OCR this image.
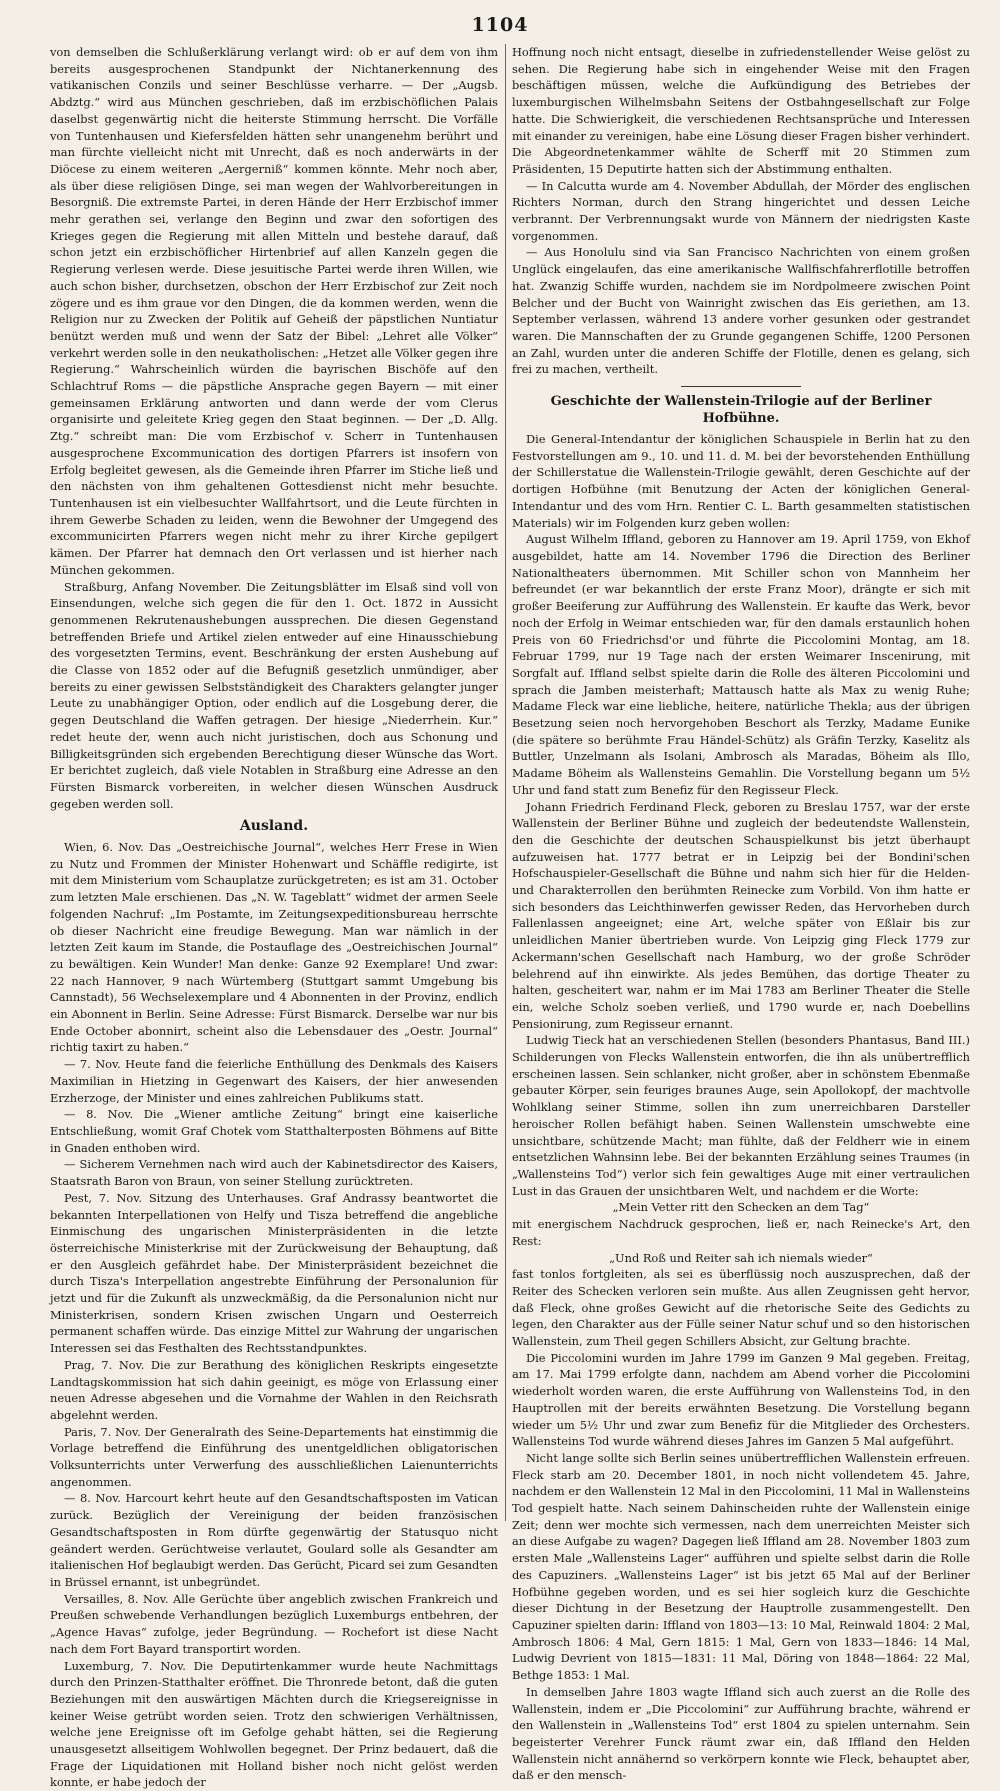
1104

von demselben die Schlußerklärung verlangt wird: ob er auf dem von ihm bereits ausgesprochenen Standpunkt der Nichtanerkennung des vatikanischen Conzils und seiner Beschlüsse verharre. — Der „Augsb. Abdztg.“ wird aus München geschrieben, daß im erzbischöflichen Palais daselbst gegenwärtig nicht die heiterste Stimmung herrscht. Die Vorfälle von Tuntenhausen und Kiefersfelden hätten sehr unangenehm berührt und man fürchte vielleicht nicht mit Unrecht, daß es noch anderwärts in der Diöcese zu einem weiteren „Aergerniß“ kommen könnte. Mehr noch aber, als über diese religiösen Dinge, sei man wegen der Wahlvorbereitungen in Besorgniß. Die extremste Partei, in deren Hände der Herr Erzbischof immer mehr gerathen sei, verlange den Beginn und zwar den sofortigen des Krieges gegen die Regierung mit allen Mitteln und bestehe darauf, daß schon jetzt ein erzbischöflicher Hirtenbrief auf allen Kanzeln gegen die Regierung verlesen werde. Diese jesuitische Partei werde ihren Willen, wie auch schon bisher, durchsetzen, obschon der Herr Erzbischof zur Zeit noch zögere und es ihm graue vor den Dingen, die da kommen werden, wenn die Religion nur zu Zwecken der Politik auf Geheiß der päpstlichen Nuntiatur benützt werden muß und wenn der Satz der Bibel: „Lehret alle Völker“ verkehrt werden solle in den neukatholischen: „Hetzet alle Völker gegen ihre Regierung.“ Wahrscheinlich würden die bayrischen Bischöfe auf den Schlachtruf Roms — die päpstliche Ansprache gegen Bayern — mit einer gemeinsamen Erklärung antworten und dann werde der vom Clerus organisirte und geleitete Krieg gegen den Staat beginnen. — Der „D. Allg. Ztg.“ schreibt man: Die vom Erzbischof v. Scherr in Tuntenhausen ausgesprochene Excommunication des dortigen Pfarrers ist insofern von Erfolg begleitet gewesen, als die Gemeinde ihren Pfarrer im Stiche ließ und den nächsten von ihm gehaltenen Gottesdienst nicht mehr besuchte. Tuntenhausen ist ein vielbesuchter Wallfahrtsort, und die Leute fürchten in ihrem Gewerbe Schaden zu leiden, wenn die Bewohner der Umgegend des excommunicirten Pfarrers wegen nicht mehr zu ihrer Kirche gepilgert kämen. Der Pfarrer hat demnach den Ort verlassen und ist hierher nach München gekommen.

Straßburg, Anfang November. Die Zeitungsblätter im Elsaß sind voll von Einsendungen, welche sich gegen die für den 1. Oct. 1872 in Aussicht genommenen Rekrutenaushebungen aussprechen. Die diesen Gegenstand betreffenden Briefe und Artikel zielen entweder auf eine Hinausschiebung des vorgesetzten Termins, event. Beschränkung der ersten Aushebung auf die Classe von 1852 oder auf die Befugniß gesetzlich unmündiger, aber bereits zu einer gewissen Selbstständigkeit des Charakters gelangter junger Leute zu unabhängiger Option, oder endlich auf die Losgebung derer, die gegen Deutschland die Waffen getragen. Der hiesige „Niederrhein. Kur.“ redet heute der, wenn auch nicht juristischen, doch aus Schonung und Billigkeitsgründen sich ergebenden Berechtigung dieser Wünsche das Wort. Er berichtet zugleich, daß viele Notablen in Straßburg eine Adresse an den Fürsten Bismarck vorbereiten, in welcher diesen Wünschen Ausdruck gegeben werden soll.

Ausland.

Wien, 6. Nov. Das „Oestreichische Journal“, welches Herr Frese in Wien zu Nutz und Frommen der Minister Hohenwart und Schäffle redigirte, ist mit dem Ministerium vom Schauplatze zurückgetreten; es ist am 31. October zum letzten Male erschienen. Das „N. W. Tageblatt“ widmet der armen Seele folgenden Nachruf: „Im Postamte, im Zeitungsexpeditionsbureau herrschte ob dieser Nachricht eine freudige Bewegung. Man war nämlich in der letzten Zeit kaum im Stande, die Postauflage des „Oestreichischen Journal“ zu bewältigen. Kein Wunder! Man denke: Ganze 92 Exemplare! Und zwar: 22 nach Hannover, 9 nach Würtemberg (Stuttgart sammt Umgebung bis Cannstadt), 56 Wechselexemplare und 4 Abonnenten in der Provinz, endlich ein Abonnent in Berlin. Seine Adresse: Fürst Bismarck. Derselbe war nur bis Ende October abonnirt, scheint also die Lebensdauer des „Oestr. Journal“ richtig taxirt zu haben.“

— 7. Nov. Heute fand die feierliche Enthüllung des Denkmals des Kaisers Maximilian in Hietzing in Gegenwart des Kaisers, der hier anwesenden Erzherzoge, der Minister und eines zahlreichen Publikums statt.

— 8. Nov. Die „Wiener amtliche Zeitung“ bringt eine kaiserliche Entschließung, womit Graf Chotek vom Statthalterposten Böhmens auf Bitte in Gnaden enthoben wird.

— Sicherem Vernehmen nach wird auch der Kabinetsdirector des Kaisers, Staatsrath Baron von Braun, von seiner Stellung zurücktreten.

Pest, 7. Nov. Sitzung des Unterhauses. Graf Andrassy beantwortet die bekannten Interpellationen von Helfy und Tisza betreffend die angebliche Einmischung des ungarischen Ministerpräsidenten in die letzte österreichische Ministerkrise mit der Zurückweisung der Behauptung, daß er den Ausgleich gefährdet habe. Der Ministerpräsident bezeichnet die durch Tisza's Interpellation angestrebte Einführung der Personalunion für jetzt und für die Zukunft als unzweckmäßig, da die Personalunion nicht nur Ministerkrisen, sondern Krisen zwischen Ungarn und Oesterreich permanent schaffen würde. Das einzige Mittel zur Wahrung der ungarischen Interessen sei das Festhalten des Rechtsstandpunktes.

Prag, 7. Nov. Die zur Berathung des königlichen Reskripts eingesetzte Landtagskommission hat sich dahin geeinigt, es möge von Erlassung einer neuen Adresse abgesehen und die Vornahme der Wahlen in den Reichsrath abgelehnt werden.

Paris, 7. Nov. Der Generalrath des Seine-Departements hat einstimmig die Vorlage betreffend die Einführung des unentgeldlichen obligatorischen Volksunterrichts unter Verwerfung des ausschließlichen Laienunterrichts angenommen.

— 8. Nov. Harcourt kehrt heute auf den Gesandtschaftsposten im Vatican zurück. Bezüglich der Vereinigung der beiden französischen Gesandtschaftsposten in Rom dürfte gegenwärtig der Statusquo nicht geändert werden. Gerüchtweise verlautet, Goulard solle als Gesandter am italienischen Hof beglaubigt werden. Das Gerücht, Picard sei zum Gesandten in Brüssel ernannt, ist unbegründet.

Versailles, 8. Nov. Alle Gerüchte über angeblich zwischen Frankreich und Preußen schwebende Verhandlungen bezüglich Luxemburgs entbehren, der „Agence Havas“ zufolge, jeder Begründung. — Rochefort ist diese Nacht nach dem Fort Bayard transportirt worden.

Luxemburg, 7. Nov. Die Deputirtenkammer wurde heute Nachmittags durch den Prinzen-Statthalter eröffnet. Die Thronrede betont, daß die guten Beziehungen mit den auswärtigen Mächten durch die Kriegsereignisse in keiner Weise getrübt worden seien. Trotz den schwierigen Verhältnissen, welche jene Ereignisse oft im Gefolge gehabt hätten, sei die Regierung unausgesetzt allseitigem Wohlwollen begegnet. Der Prinz bedauert, daß die Frage der Liquidationen mit Holland bisher noch nicht gelöst werden konnte, er habe jedoch der

Hoffnung noch nicht entsagt, dieselbe in zufriedenstellender Weise gelöst zu sehen. Die Regierung habe sich in eingehender Weise mit den Fragen beschäftigen müssen, welche die Aufkündigung des Betriebes der luxemburgischen Wilhelmsbahn Seitens der Ostbahngesellschaft zur Folge hatte. Die Schwierigkeit, die verschiedenen Rechtsansprüche und Interessen mit einander zu vereinigen, habe eine Lösung dieser Fragen bisher verhindert. Die Abgeordnetenkammer wählte de Scherff mit 20 Stimmen zum Präsidenten, 15 Deputirte hatten sich der Abstimmung enthalten.

— In Calcutta wurde am 4. November Abdullah, der Mörder des englischen Richters Norman, durch den Strang hingerichtet und dessen Leiche verbrannt. Der Verbrennungsakt wurde von Männern der niedrigsten Kaste vorgenommen.

— Aus Honolulu sind via San Francisco Nachrichten von einem großen Unglück eingelaufen, das eine amerikanische Wallfischfahrerflotille betroffen hat. Zwanzig Schiffe wurden, nachdem sie im Nordpolmeere zwischen Point Belcher und der Bucht von Wainright zwischen das Eis geriethen, am 13. September verlassen, während 13 andere vorher gesunken oder gestrandet waren. Die Mannschaften der zu Grunde gegangenen Schiffe, 1200 Personen an Zahl, wurden unter die anderen Schiffe der Flotille, denen es gelang, sich frei zu machen, vertheilt.

Geschichte der Wallenstein-Trilogie auf der Berliner Hofbühne.

Die General-Intendantur der königlichen Schauspiele in Berlin hat zu den Festvorstellungen am 9., 10. und 11. d. M. bei der bevorstehenden Enthüllung der Schillerstatue die Wallenstein-Trilogie gewählt, deren Geschichte auf der dortigen Hofbühne (mit Benutzung der Acten der königlichen General-Intendantur und des vom Hrn. Rentier C. L. Barth gesammelten statistischen Materials) wir im Folgenden kurz geben wollen:

August Wilhelm Iffland, geboren zu Hannover am 19. April 1759, von Ekhof ausgebildet, hatte am 14. November 1796 die Direction des Berliner Nationaltheaters übernommen. Mit Schiller schon von Mannheim her befreundet (er war bekanntlich der erste Franz Moor), drängte er sich mit großer Beeiferung zur Aufführung des Wallenstein. Er kaufte das Werk, bevor noch der Erfolg in Weimar entschieden war, für den damals erstaunlich hohen Preis von 60 Friedrichsd'or und führte die Piccolomini Montag, am 18. Februar 1799, nur 19 Tage nach der ersten Weimarer Inscenirung, mit Sorgfalt auf. Iffland selbst spielte darin die Rolle des älteren Piccolomini und sprach die Jamben meisterhaft; Mattausch hatte als Max zu wenig Ruhe; Madame Fleck war eine liebliche, heitere, natürliche Thekla; aus der übrigen Besetzung seien noch hervorgehoben Beschort als Terzky, Madame Eunike (die spätere so berühmte Frau Händel-Schütz) als Gräfin Terzky, Kaselitz als Buttler, Unzelmann als Isolani, Ambrosch als Maradas, Böheim als Illo, Madame Böheim als Wallensteins Gemahlin. Die Vorstellung begann um 5½ Uhr und fand statt zum Benefiz für den Regisseur Fleck.

Johann Friedrich Ferdinand Fleck, geboren zu Breslau 1757, war der erste Wallenstein der Berliner Bühne und zugleich der bedeutendste Wallenstein, den die Geschichte der deutschen Schauspielkunst bis jetzt überhaupt aufzuweisen hat. 1777 betrat er in Leipzig bei der Bondini'schen Hofschauspieler-Gesellschaft die Bühne und nahm sich hier für die Helden- und Charakterrollen den berühmten Reinecke zum Vorbild. Von ihm hatte er sich besonders das Leichthinwerfen gewisser Reden, das Hervorheben durch Fallenlassen angeeignet; eine Art, welche später von Eßlair bis zur unleidlichen Manier übertrieben wurde. Von Leipzig ging Fleck 1779 zur Ackermann'schen Gesellschaft nach Hamburg, wo der große Schröder belehrend auf ihn einwirkte. Als jedes Bemühen, das dortige Theater zu halten, gescheitert war, nahm er im Mai 1783 am Berliner Theater die Stelle ein, welche Scholz soeben verließ, und 1790 wurde er, nach Doebellins Pensionirung, zum Regisseur ernannt.

Ludwig Tieck hat an verschiedenen Stellen (besonders Phantasus, Band III.) Schilderungen von Flecks Wallenstein entworfen, die ihn als unübertrefflich erscheinen lassen. Sein schlanker, nicht großer, aber in schönstem Ebenmaße gebauter Körper, sein feuriges braunes Auge, sein Apollokopf, der machtvolle Wohlklang seiner Stimme, sollen ihn zum unerreichbaren Darsteller heroischer Rollen befähigt haben. Seinen Wallenstein umschwebte eine unsichtbare, schützende Macht; man fühlte, daß der Feldherr wie in einem entsetzlichen Wahnsinn lebe. Bei der bekannten Erzählung seines Traumes (in „Wallensteins Tod“) verlor sich fein gewaltiges Auge mit einer vertraulichen Lust in das Grauen der unsichtbaren Welt, und nachdem er die Worte:

„Mein Vetter ritt den Schecken an dem Tag“

mit energischem Nachdruck gesprochen, ließ er, nach Reinecke's Art, den Rest:

„Und Roß und Reiter sah ich niemals wieder“

fast tonlos fortgleiten, als sei es überflüssig noch auszusprechen, daß der Reiter des Schecken verloren sein mußte. Aus allen Zeugnissen geht hervor, daß Fleck, ohne großes Gewicht auf die rhetorische Seite des Gedichts zu legen, den Charakter aus der Fülle seiner Natur schuf und so den historischen Wallenstein, zum Theil gegen Schillers Absicht, zur Geltung brachte.

Die Piccolomini wurden im Jahre 1799 im Ganzen 9 Mal gegeben. Freitag, am 17. Mai 1799 erfolgte dann, nachdem am Abend vorher die Piccolomini wiederholt worden waren, die erste Aufführung von Wallensteins Tod, in den Hauptrollen mit der bereits erwähnten Besetzung. Die Vorstellung begann wieder um 5½ Uhr und zwar zum Benefiz für die Mitglieder des Orchesters. Wallensteins Tod wurde während dieses Jahres im Ganzen 5 Mal aufgeführt.

Nicht lange sollte sich Berlin seines unübertrefflichen Wallenstein erfreuen. Fleck starb am 20. December 1801, in noch nicht vollendetem 45. Jahre, nachdem er den Wallenstein 12 Mal in den Piccolomini, 11 Mal in Wallensteins Tod gespielt hatte. Nach seinem Dahinscheiden ruhte der Wallenstein einige Zeit; denn wer mochte sich vermessen, nach dem unerreichten Meister sich an diese Aufgabe zu wagen? Dagegen ließ Iffland am 28. November 1803 zum ersten Male „Wallensteins Lager“ aufführen und spielte selbst darin die Rolle des Capuziners. „Wallensteins Lager“ ist bis jetzt 65 Mal auf der Berliner Hofbühne gegeben worden, und es sei hier sogleich kurz die Geschichte dieser Dichtung in der Besetzung der Hauptrolle zusammengestellt. Den Capuziner spielten darin: Iffland von 1803—13: 10 Mal, Reinwald 1804: 2 Mal, Ambrosch 1806: 4 Mal, Gern 1815: 1 Mal, Gern von 1833—1846: 14 Mal, Ludwig Devrient von 1815—1831: 11 Mal, Döring von 1848—1864: 22 Mal, Bethge 1853: 1 Mal.

In demselben Jahre 1803 wagte Iffland sich auch zuerst an die Rolle des Wallenstein, indem er „Die Piccolomini“ zur Aufführung brachte, während er den Wallenstein in „Wallensteins Tod“ erst 1804 zu spielen unternahm. Sein begeisterter Verehrer Funck räumt zwar ein, daß Iffland den Helden Wallenstein nicht annähernd so verkörpern konnte wie Fleck, behauptet aber, daß er den mensch-
